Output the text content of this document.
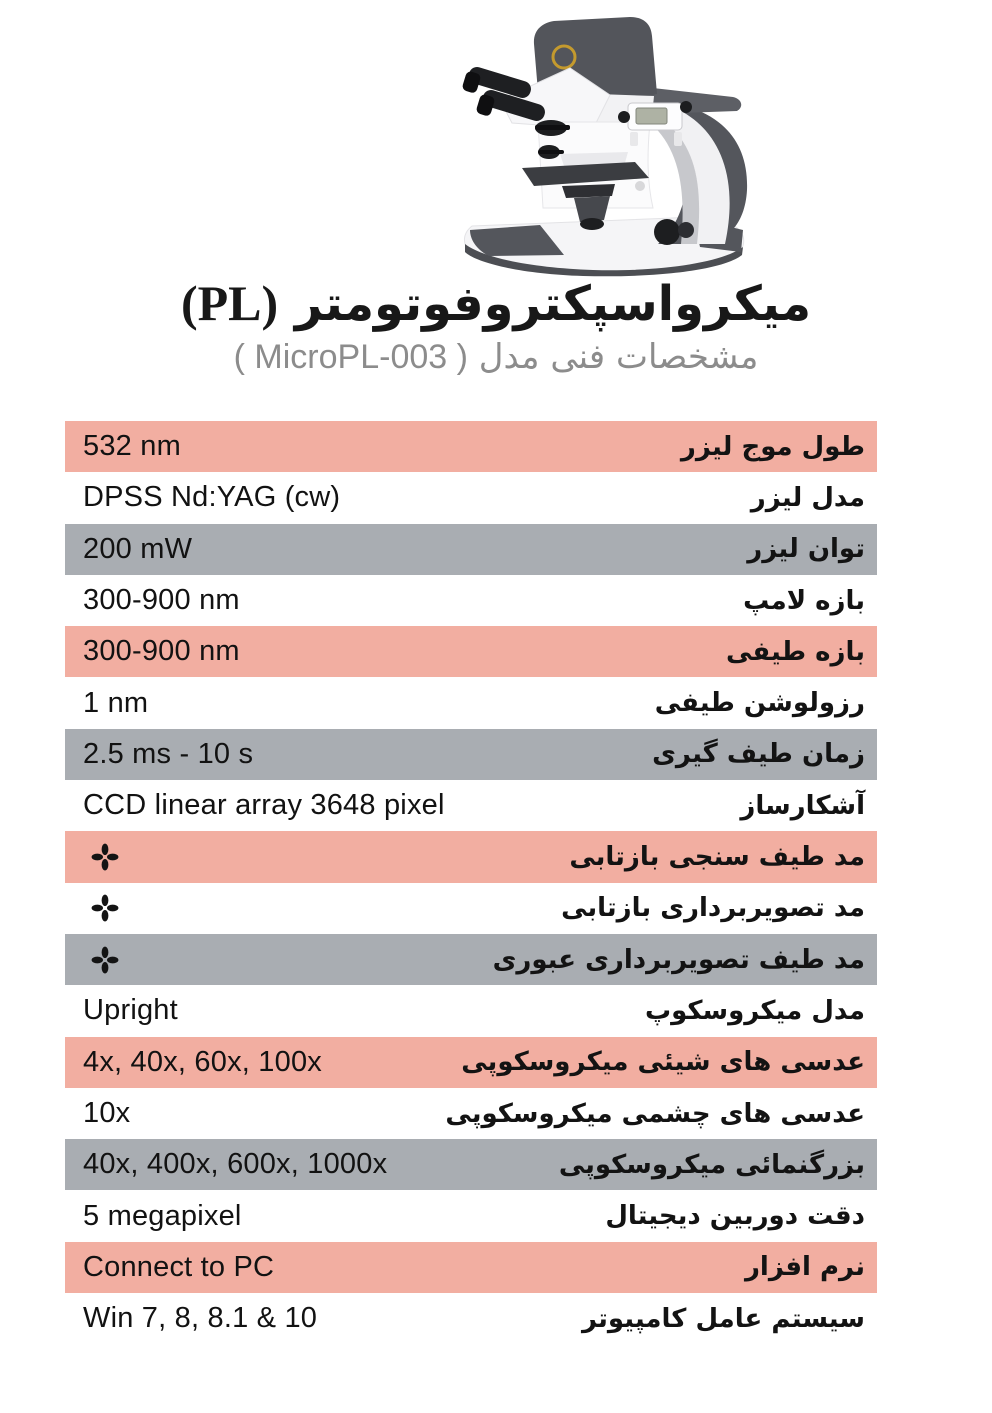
میکرواسپکتروفوتومتر (PL)
مشخصات فنی مدل ( MicroPL-003 )
532 nm	طول موج لیزر
DPSS Nd:YAG (cw)	مدل لیزر
200 mW	توان لیزر
300-900 nm	بازه لامپ
300-900 nm	بازه طیفی
1 nm	رزولوشن طیفی
2.5 ms - 10 s	زمان طیف گیری
CCD linear array 3648 pixel	آشکارساز
مد طیف سنجی بازتابی
مد تصویربرداری بازتابی
مد طیف تصویربرداری عبوری
Upright	مدل میکروسکوپ
4x, 40x, 60x, 100x	عدسی های شیئی میکروسکوپی
10x	عدسی های چشمی میکروسکوپی
40x, 400x, 600x, 1000x	بزرگنمائی میکروسکوپی
5 megapixel	دقت دوربین دیجیتال
Connect to PC	نرم افزار
Win 7, 8, 8.1 & 10	سیستم عامل کامپیوتر
